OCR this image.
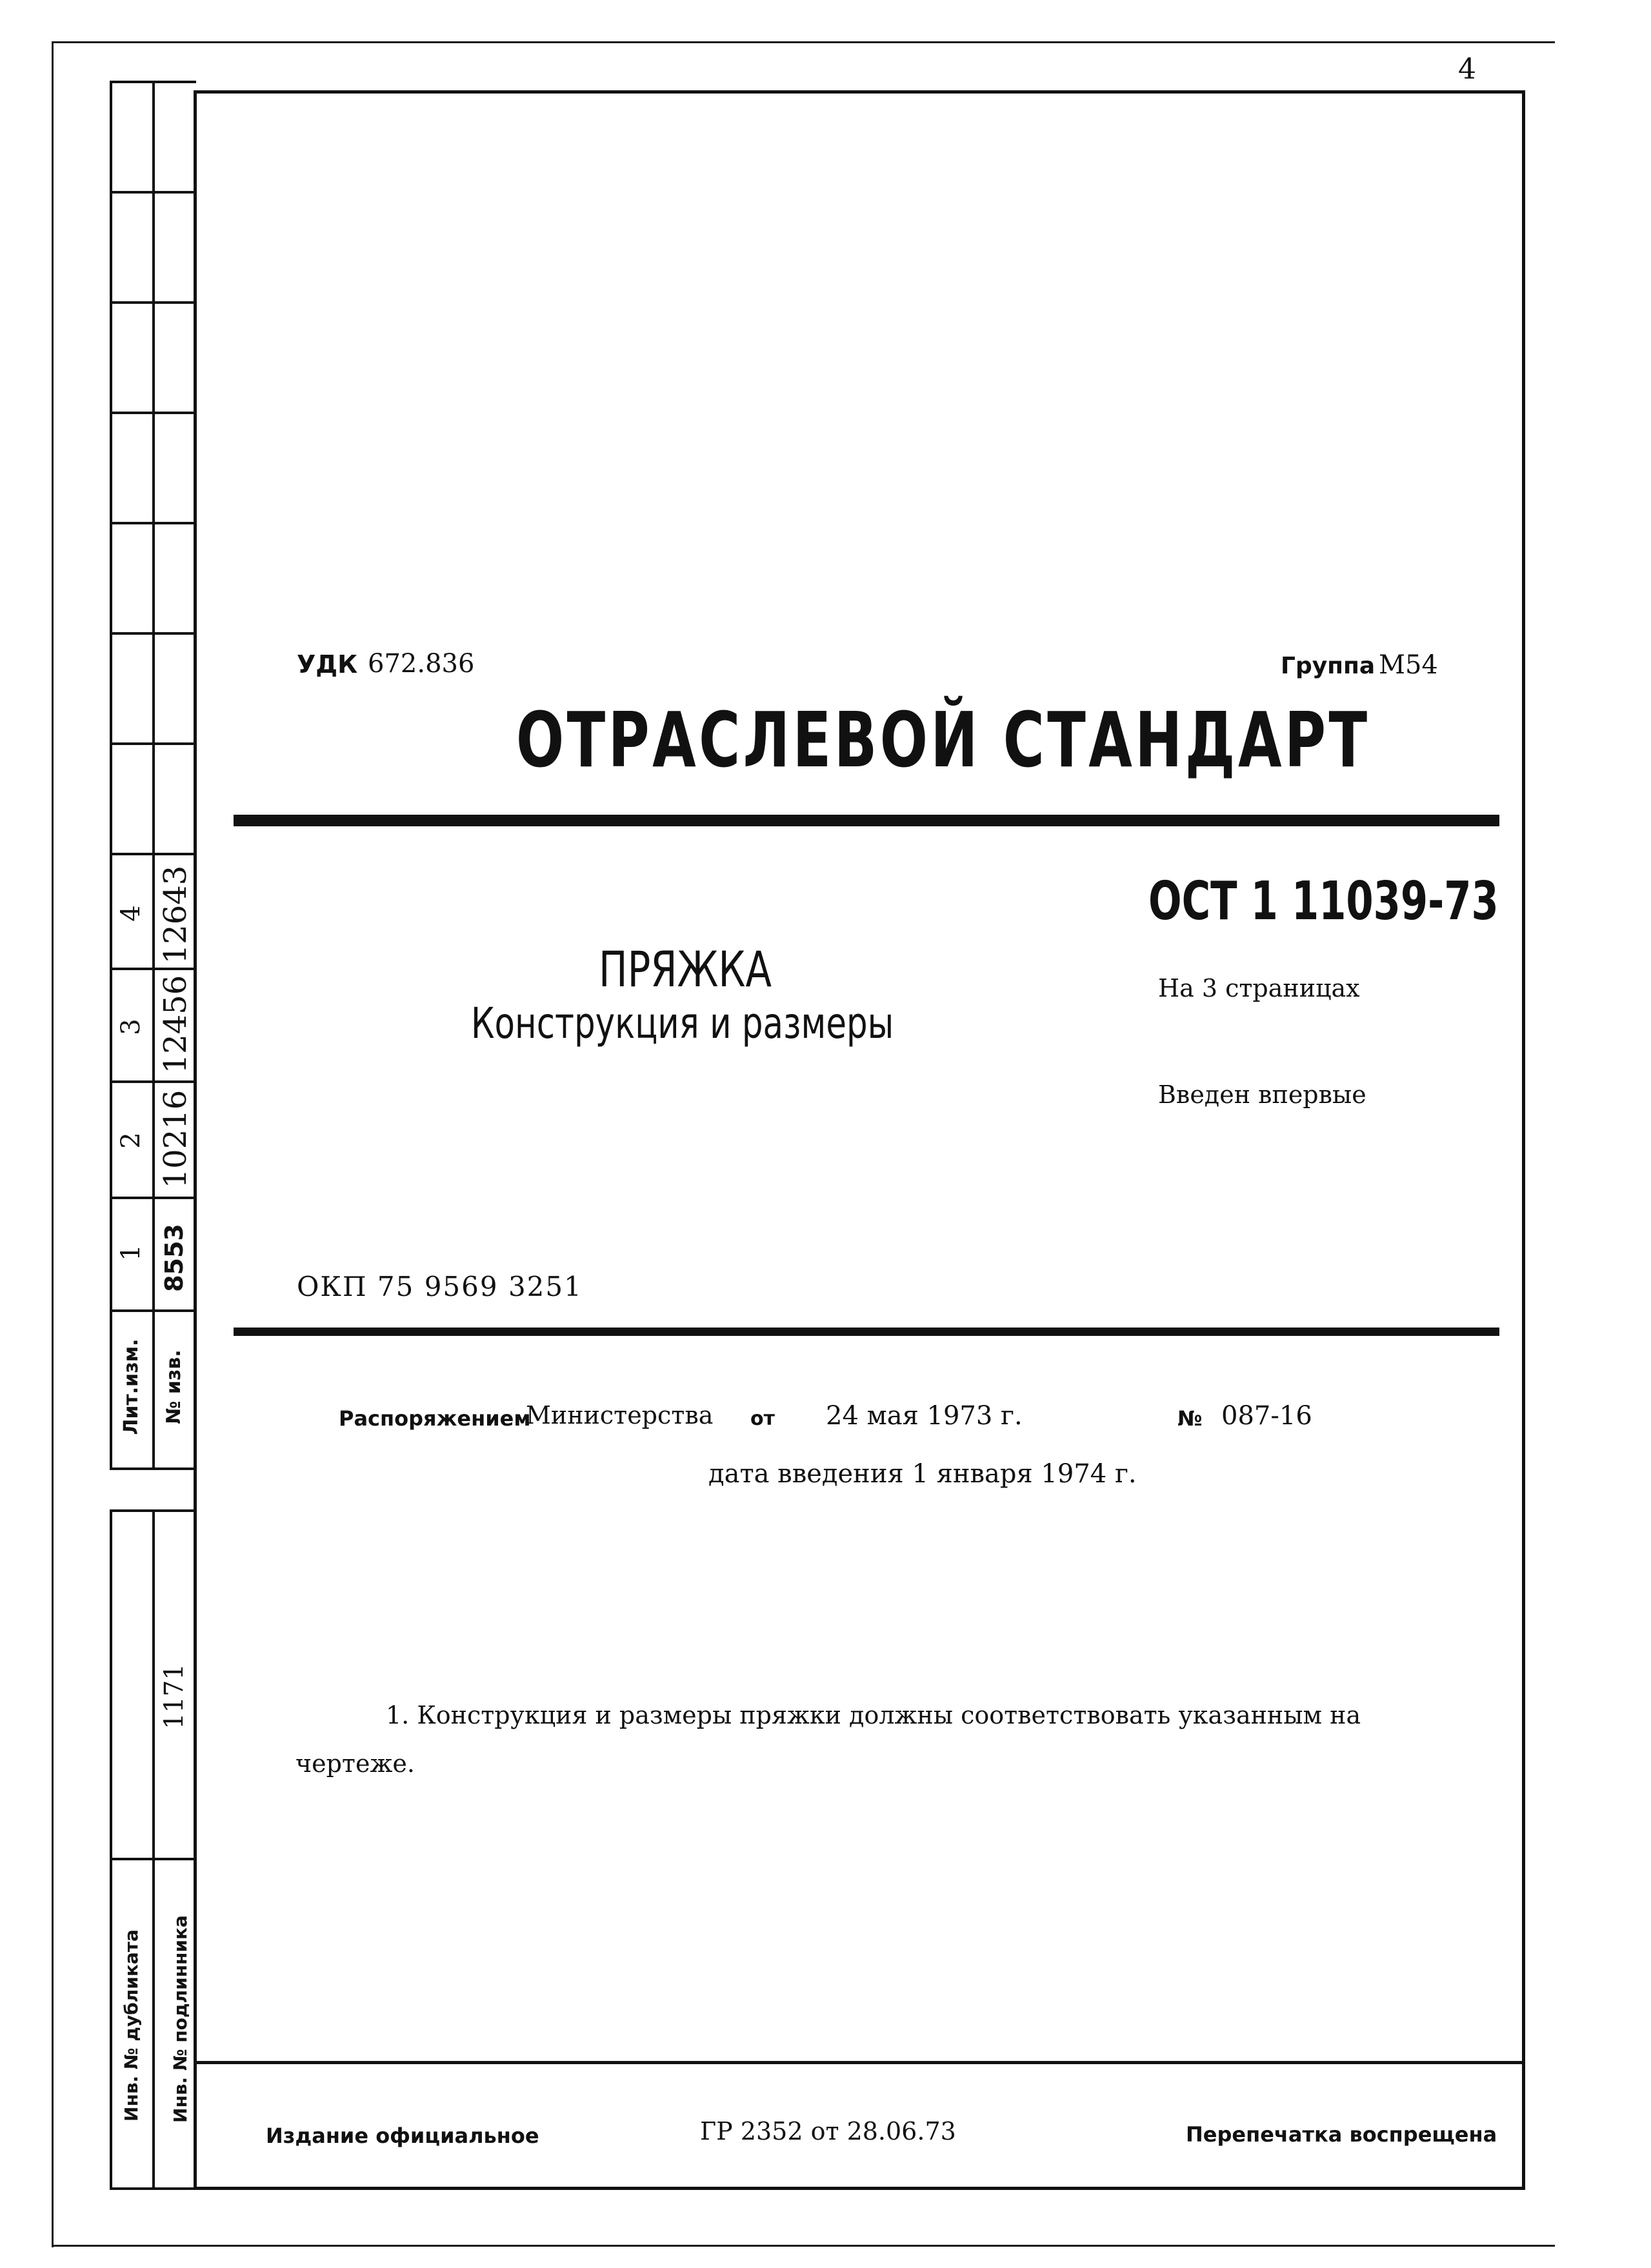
4
4 12643
3 12456
2 10216
1 8553
Лит.изм.	№ изв.
1171
Инв. № дубликата	Инв. № подлинника
УДК 672.836	Группа М54
ОТРАСЛЕВОЙ СТАНДАРТ
ОСТ 1 11039-73
На 3 страницах
Введен впервые
ПРЯЖКА
Конструкция и размеры
ОКП 75 9569 3251
Распоряжением
Министерства от 24 мая 1973 г.	№ 087-16
дата введения 1 января 1974 г.
1. Конструкция и размеры пряжки должны соответствовать указанным на
чертеже.
Издание официальное	ГР 2352 от 28.06.73	Перепечатка воспрещена
